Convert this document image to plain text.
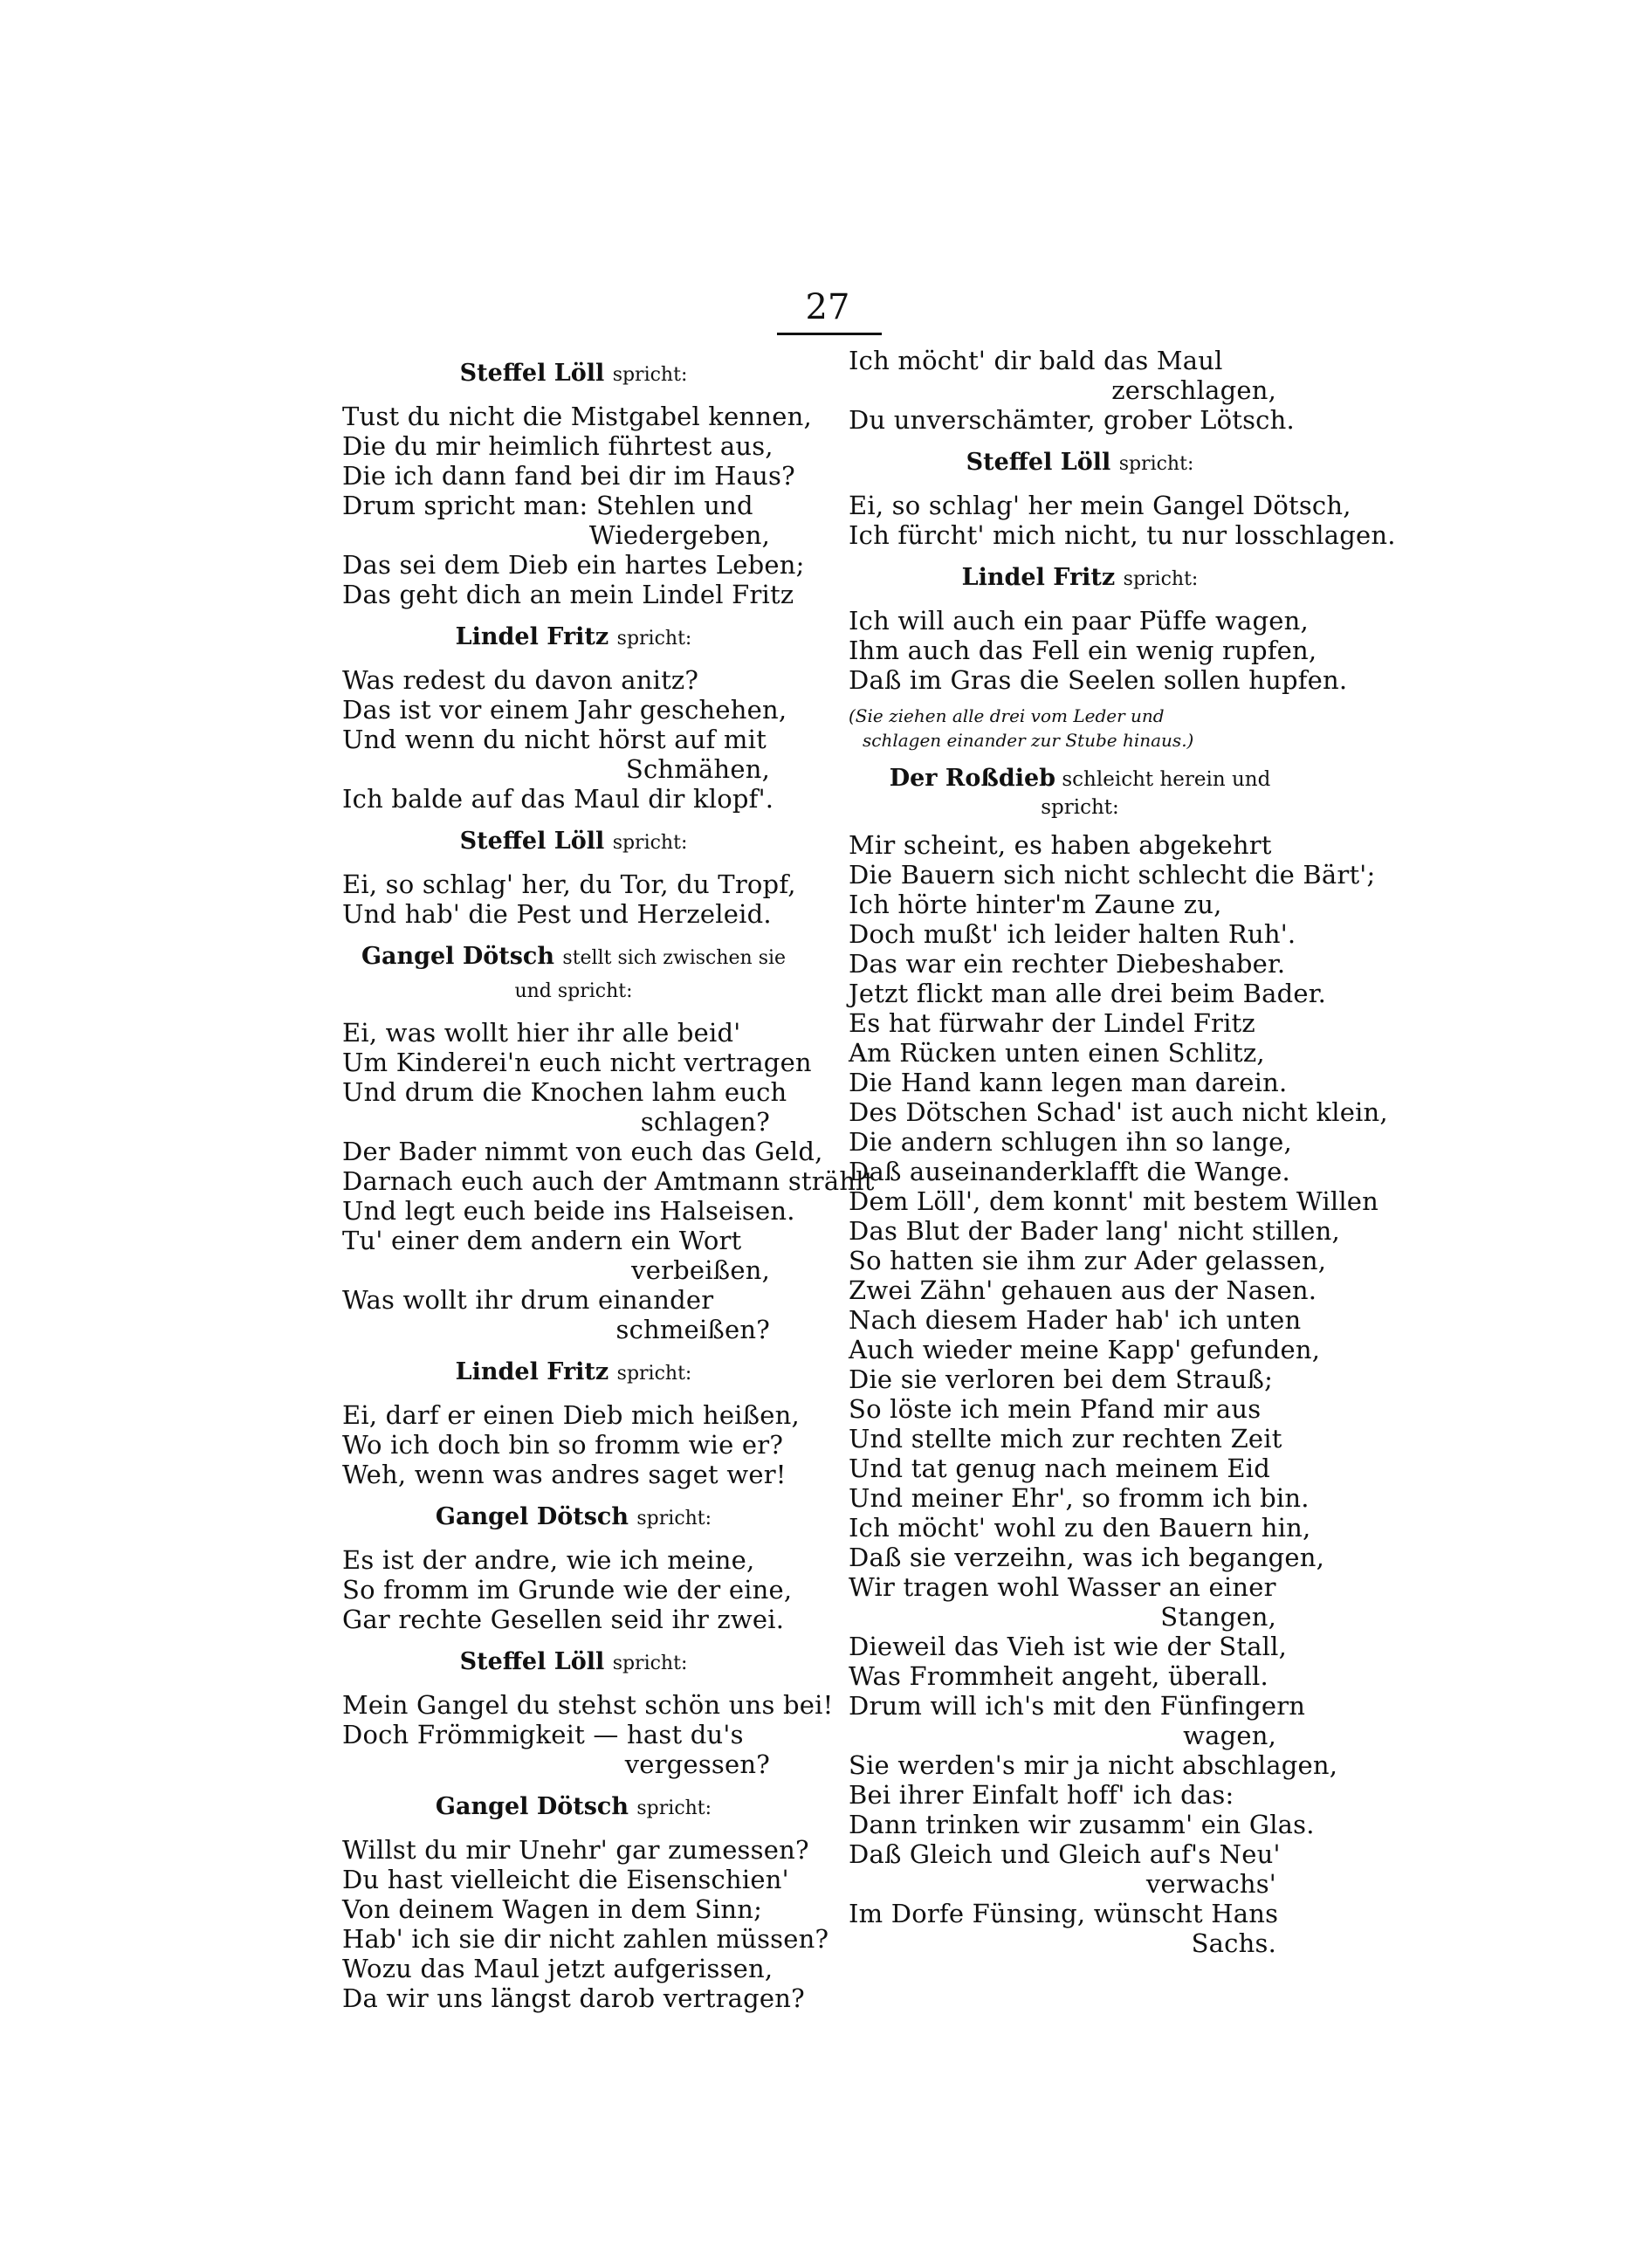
27
Steffel Löll spricht:
Tust du nicht die Mistgabel kennen,
Die du mir heimlich führtest aus,
Die ich dann fand bei dir im Haus?
Drum spricht man: Stehlen und
Wiedergeben,
Das sei dem Dieb ein hartes Leben;
Das geht dich an mein Lindel Fritz
Lindel Fritz spricht:
Was redest du davon anitz?
Das ist vor einem Jahr geschehen,
Und wenn du nicht hörst auf mit
Schmähen,
Ich balde auf das Maul dir klopf'.
Steffel Löll spricht:
Ei, so schlag' her, du Tor, du Tropf,
Und hab' die Pest und Herzeleid.
Gangel Dötsch stellt sich zwischen sie
und spricht:
Ei, was wollt hier ihr alle beid'
Um Kinderei'n euch nicht vertragen
Und drum die Knochen lahm euch
schlagen?
Der Bader nimmt von euch das Geld,
Darnach euch auch der Amtmann strählt
Und legt euch beide ins Halseisen.
Tu' einer dem andern ein Wort
verbeißen,
Was wollt ihr drum einander
schmeißen?
Lindel Fritz spricht:
Ei, darf er einen Dieb mich heißen,
Wo ich doch bin so fromm wie er?
Weh, wenn was andres saget wer!
Gangel Dötsch spricht:
Es ist der andre, wie ich meine,
So fromm im Grunde wie der eine,
Gar rechte Gesellen seid ihr zwei.
Steffel Löll spricht:
Mein Gangel du stehst schön uns bei!
Doch Frömmigkeit — hast du's
vergessen?
Gangel Dötsch spricht:
Willst du mir Unehr' gar zumessen?
Du hast vielleicht die Eisenschien'
Von deinem Wagen in dem Sinn;
Hab' ich sie dir nicht zahlen müssen?
Wozu das Maul jetzt aufgerissen,
Da wir uns längst darob vertragen?
Ich möcht' dir bald das Maul
zerschlagen,
Du unverschämter, grober Lötsch.
Steffel Löll spricht:
Ei, so schlag' her mein Gangel Dötsch,
Ich fürcht' mich nicht, tu nur losschlagen.
Lindel Fritz spricht:
Ich will auch ein paar Püffe wagen,
Ihm auch das Fell ein wenig rupfen,
Daß im Gras die Seelen sollen hupfen.
(Sie ziehen alle drei vom Leder und
schlagen einander zur Stube hinaus.)
Der Roßdieb schleicht herein und spricht:
Mir scheint, es haben abgekehrt
Die Bauern sich nicht schlecht die Bärt';
Ich hörte hinter'm Zaune zu,
Doch mußt' ich leider halten Ruh'.
Das war ein rechter Diebeshaber.
Jetzt flickt man alle drei beim Bader.
Es hat fürwahr der Lindel Fritz
Am Rücken unten einen Schlitz,
Die Hand kann legen man darein.
Des Dötschen Schad' ist auch nicht klein,
Die andern schlugen ihn so lange,
Daß auseinanderklafft die Wange.
Dem Löll', dem konnt' mit bestem Willen
Das Blut der Bader lang' nicht stillen,
So hatten sie ihm zur Ader gelassen,
Zwei Zähn' gehauen aus der Nasen.
Nach diesem Hader hab' ich unten
Auch wieder meine Kapp' gefunden,
Die sie verloren bei dem Strauß;
So löste ich mein Pfand mir aus
Und stellte mich zur rechten Zeit
Und tat genug nach meinem Eid
Und meiner Ehr', so fromm ich bin.
Ich möcht' wohl zu den Bauern hin,
Daß sie verzeihn, was ich begangen,
Wir tragen wohl Wasser an einer
Stangen,
Dieweil das Vieh ist wie der Stall,
Was Frommheit angeht, überall.
Drum will ich's mit den Fünfingern
wagen,
Sie werden's mir ja nicht abschlagen,
Bei ihrer Einfalt hoff' ich das:
Dann trinken wir zusamm' ein Glas.
Daß Gleich und Gleich auf's Neu'
verwachs'
Im Dorfe Fünsing, wünscht Hans
Sachs.
